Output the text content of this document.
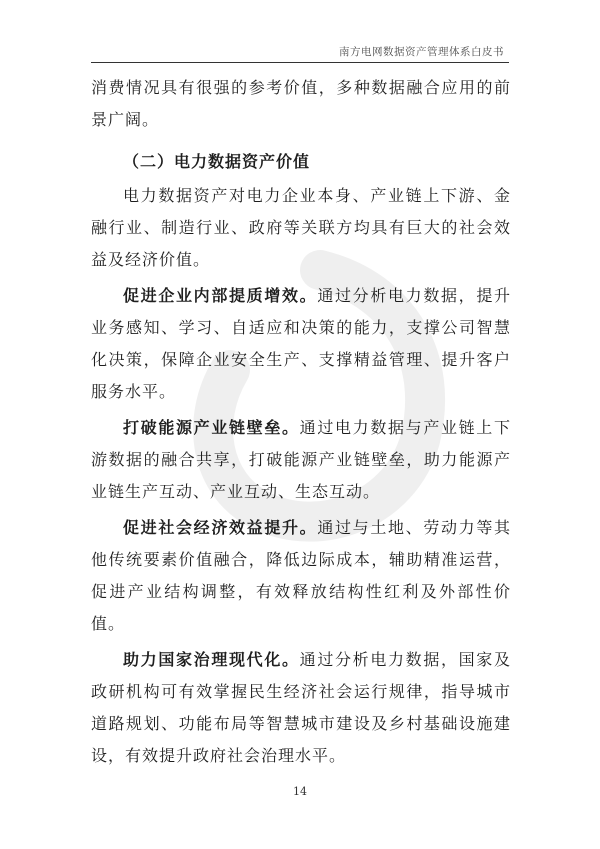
南方电网数据资产管理体系白皮书

消费情况具有很强的参考价值，多种数据融合应用的前景广阔。

（二）电力数据资产价值

电力数据资产对电力企业本身、产业链上下游、金融行业、制造行业、政府等关联方均具有巨大的社会效益及经济价值。

促进企业内部提质增效。通过分析电力数据，提升业务感知、学习、自适应和决策的能力，支撑公司智慧化决策，保障企业安全生产、支撑精益管理、提升客户服务水平。

打破能源产业链壁垒。通过电力数据与产业链上下游数据的融合共享，打破能源产业链壁垒，助力能源产业链生产互动、产业互动、生态互动。

促进社会经济效益提升。通过与土地、劳动力等其他传统要素价值融合，降低边际成本，辅助精准运营，促进产业结构调整，有效释放结构性红利及外部性价值。

助力国家治理现代化。通过分析电力数据，国家及政研机构可有效掌握民生经济社会运行规律，指导城市道路规划、功能布局等智慧城市建设及乡村基础设施建设，有效提升政府社会治理水平。

14
